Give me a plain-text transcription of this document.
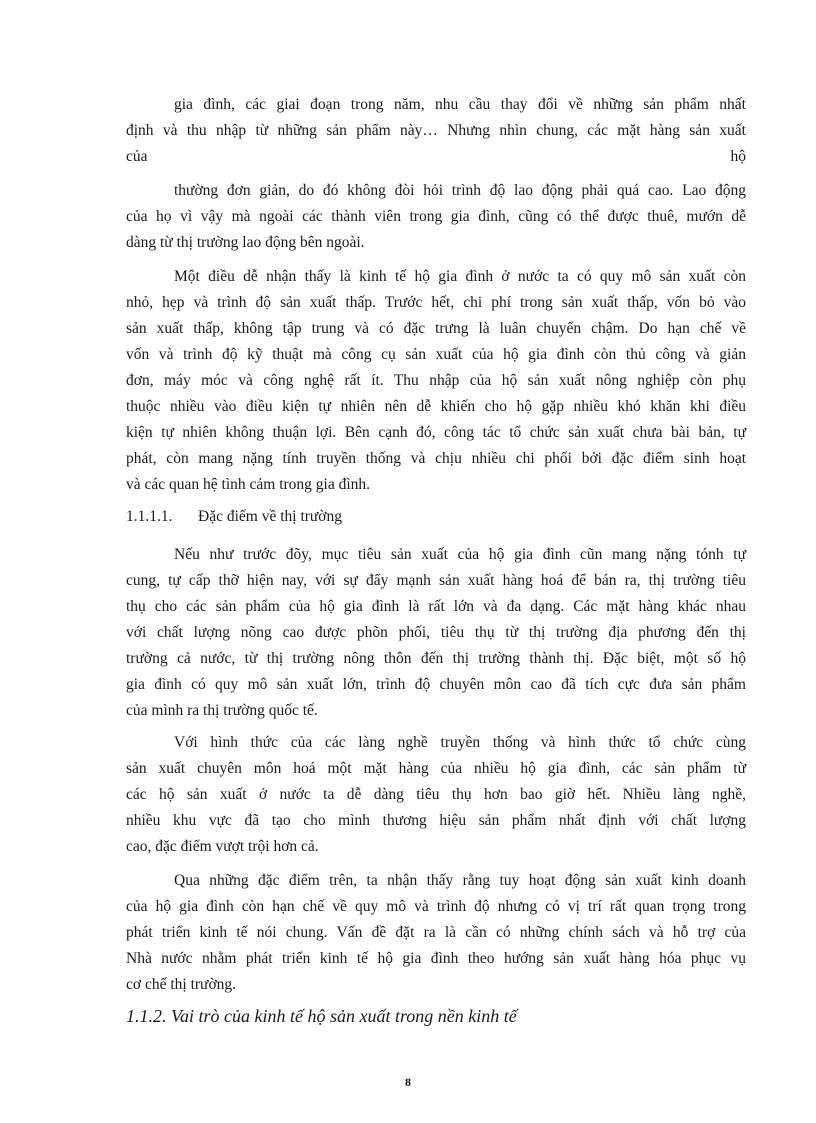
gia đình, các giai đoạn trong năm, nhu cầu thay đổi về những sản phẩm nhất
định và thu nhập từ những sản phẩm này… Nhưng nhìn chung, các mặt hàng sản xuất
của hộ
thường đơn giản, do đó không đòi hỏi trình độ lao động phải quá cao. Lao động
của họ vì vậy mà ngoài các thành viên trong gia đình, cũng có thể được thuê, mướn dễ
dàng từ thị trường lao động bên ngoài.
Một điều dễ nhận thấy là kinh tế hộ gia đình ở nước ta có quy mô sản xuất còn
nhỏ, hẹp và trình độ sản xuất thấp. Trước hết, chi phí trong sản xuất thấp, vốn bỏ vào
sản xuất thấp, không tập trung và có đặc trưng là luân chuyển chậm. Do hạn chế về
vốn và trình độ kỹ thuật mà công cụ sản xuất của hộ gia đình còn thủ công và giản
đơn, máy móc và công nghệ rất ít. Thu nhập của hộ sản xuất nông nghiệp còn phụ
thuộc nhiều vào điều kiện tự nhiên nên dễ khiến cho hộ gặp nhiều khó khăn khi điều
kiện tự nhiên không thuận lợi. Bên cạnh đó, công tác tổ chức sản xuất chưa bài bản, tự
phát, còn mang nặng tính truyền thống và chịu nhiều chi phối bởi đặc điểm sinh hoạt
và các quan hệ tình cảm trong gia đình.
1.1.1.1. Đặc điểm về thị trường
Nếu như trước đõy, mục tiêu sản xuất của hộ gia đình cũn mang nặng tónh tự
cung, tự cấp thỡ hiện nay, với sự đẩy mạnh sản xuất hàng hoá để bán ra, thị trường tiêu
thụ cho các sản phẩm của hộ gia đình là rất lớn và đa dạng. Các mặt hàng khác nhau
với chất lượng nõng cao được phõn phối, tiêu thụ từ thị trường địa phương đến thị
trường cả nước, từ thị trường nông thôn đến thị trường thành thị. Đặc biệt, một số hộ
gia đình có quy mô sản xuất lớn, trình độ chuyên môn cao đã tích cực đưa sản phẩm
của mình ra thị trường quốc tế.
Với hình thức của các làng nghề truyền thống và hình thức tổ chức cùng
sản xuất chuyên môn hoá một mặt hàng của nhiều hộ gia đình, các sản phẩm từ
các hộ sản xuất ở nước ta dễ dàng tiêu thụ hơn bao giờ hết. Nhiều làng nghề,
nhiều khu vực đã tạo cho mình thương hiệu sản phẩm nhất định với chất lượng
cao, đặc điểm vượt trội hơn cả.
Qua những đặc điểm trên, ta nhận thấy rằng tuy hoạt động sản xuất kinh doanh
của hộ gia đình còn hạn chế về quy mô và trình độ nhưng có vị trí rất quan trọng trong
phát triển kinh tế nói chung. Vấn đề đặt ra là cần có những chính sách và hỗ trợ của
Nhà nước nhằm phát triển kinh tế hộ gia đình theo hướng sản xuất hàng hóa phục vụ
cơ chế thị trường.
1.1.2. Vai trò của kinh tế hộ sản xuất trong nền kinh tế
8
